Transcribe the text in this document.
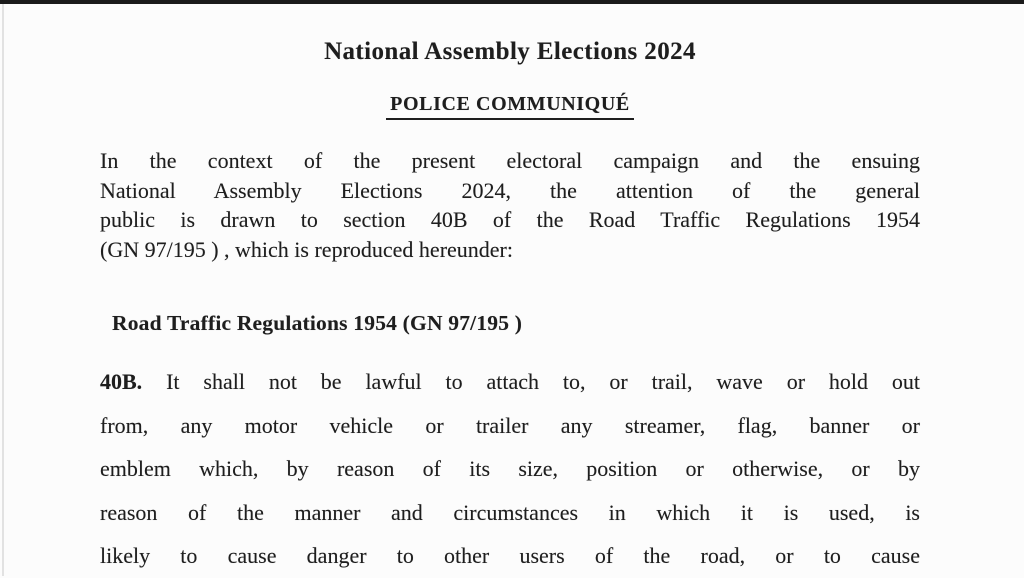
National Assembly Elections 2024
POLICE COMMUNIQUÉ
In the context of the present electoral campaign and the ensuing
National Assembly Elections 2024, the attention of the general
public is drawn to section 40B of the Road Traffic Regulations 1954
(GN 97/195 ) , which is reproduced hereunder:
Road Traffic Regulations 1954 (GN 97/195 )
40B. It shall not be lawful to attach to, or trail, wave or hold out
from, any motor vehicle or trailer any streamer, flag, banner or
emblem which, by reason of its size, position or otherwise, or by
reason of the manner and circumstances in which it is used, is
likely to cause danger to other users of the road, or to cause
